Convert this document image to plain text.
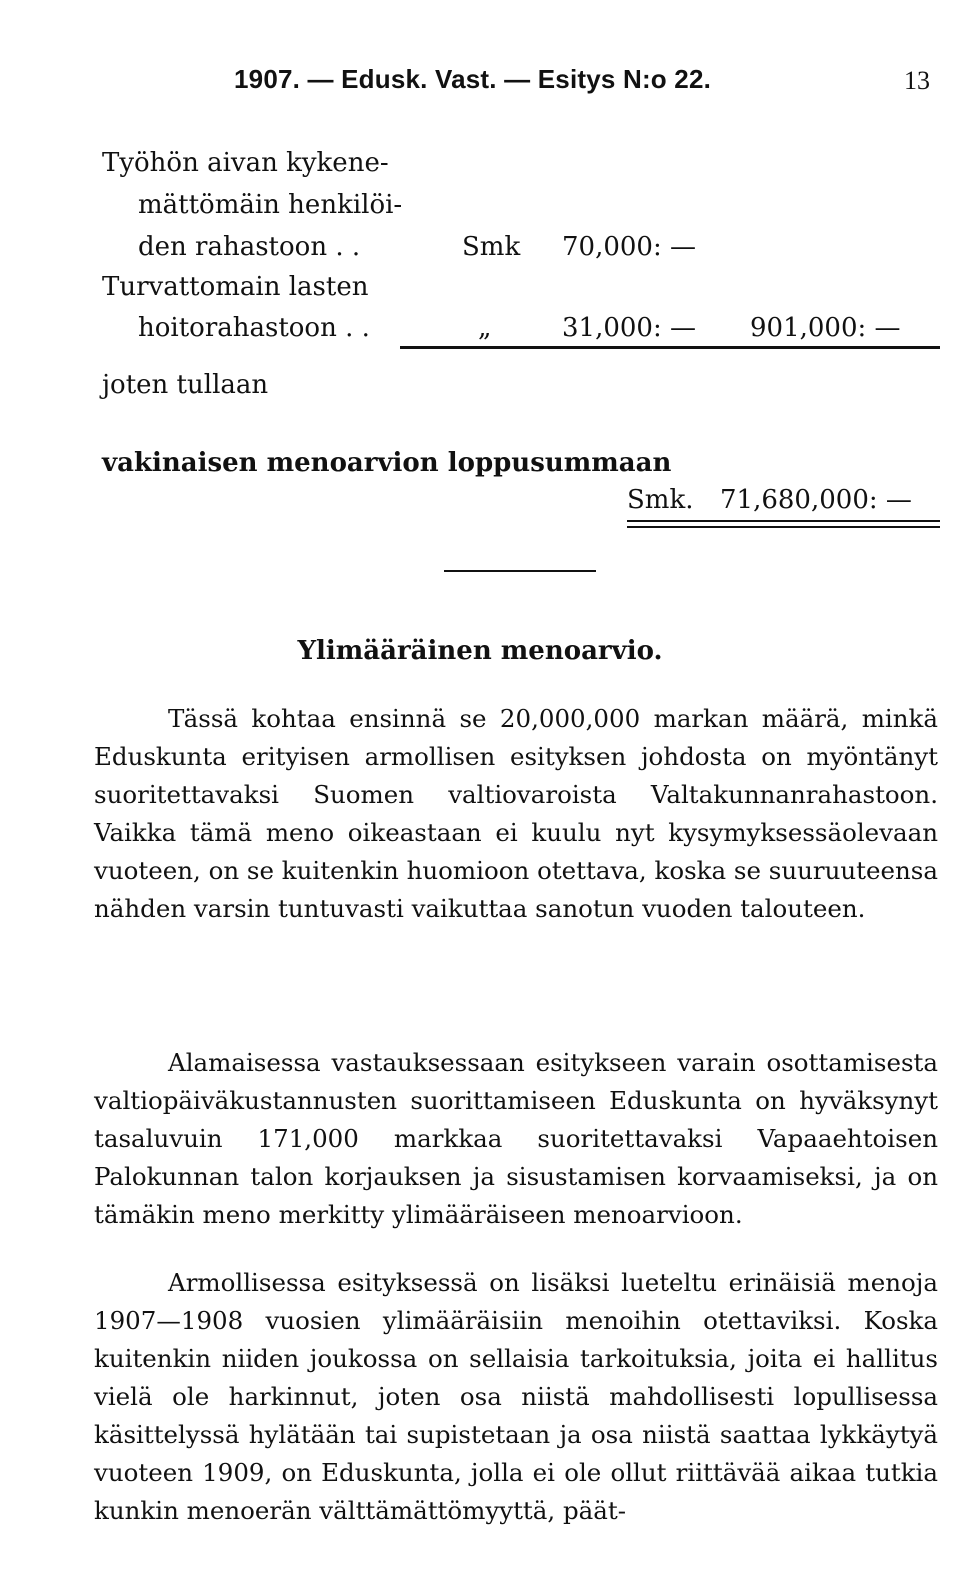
1907. — Edusk. Vast. — Esitys N:o 22.	13
Työhön aivan kykene-
mättömäin henkilöi-
den rahastoon . .	Smk 70,000: —
Turvattomain lasten
hoitorahastoon . .	„	31,000: — 901,000: —
joten tullaan
vakinaisen menoarvion loppusummaan
Smk. 71,680,000: —
Ylimääräinen menoarvio.
Tässä kohtaa ensinnä se 20,000,000 markan määrä, minkä Eduskunta erityisen armollisen esityksen johdosta on myöntänyt suoritettavaksi Suomen valtiovaroista Valtakunnanrahastoon. Vaikka tämä meno oikeastaan ei kuulu nyt kysymyksessäolevaan vuoteen, on se kuitenkin huomioon otettava, koska se suuruuteensa nähden varsin tuntuvasti vaikuttaa sanotun vuoden talouteen.
Alamaisessa vastauksessaan esitykseen varain osottamisesta valtiopäiväkustannusten suorittamiseen Eduskunta on hyväksynyt tasaluvuin 171,000 markkaa suoritettavaksi Vapaaehtoisen Palokunnan talon korjauksen ja sisustamisen korvaamiseksi, ja on tämäkin meno merkitty ylimääräiseen menoarvioon.
Armollisessa esityksessä on lisäksi lueteltu erinäisiä menoja 1907—1908 vuosien ylimääräisiin menoihin otettaviksi. Koska kuitenkin niiden joukossa on sellaisia tarkoituksia, joita ei hallitus vielä ole harkinnut, joten osa niistä mahdollisesti lopullisessa käsittelyssä hylätään tai supistetaan ja osa niistä saattaa lykkäytyä vuoteen 1909, on Eduskunta, jolla ei ole ollut riittävää aikaa tutkia kunkin menoerän välttämättömyyttä, päät-
